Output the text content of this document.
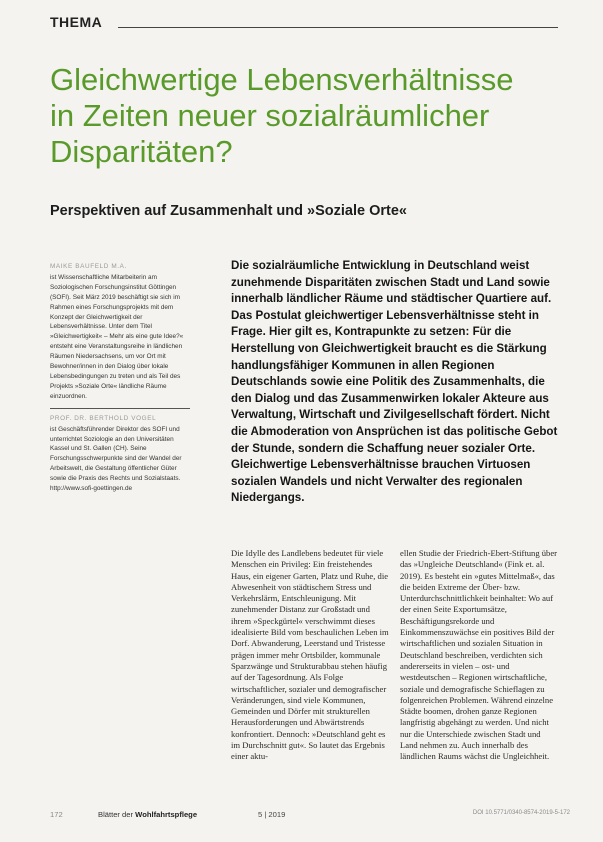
THEMA
Gleichwertige Lebensverhältnisse
in Zeiten neuer sozialräumlicher
Disparitäten?
Perspektiven auf Zusammenhalt und »Soziale Orte«
MAIKE BAUFELD M.A.

ist Wissenschaftliche Mitarbeiterin am Soziologischen Forschungsinstitut Göttingen (SOFI). Seit März 2019 beschäftigt sie sich im Rahmen eines Forschungsprojekts mit dem Konzept der Gleichwertigkeit der Lebensverhältnisse. Unter dem Titel »Gleichwertigkeit« – Mehr als eine gute Idee?« entsteht eine Veranstaltungsreihe in ländlichen Räumen Niedersachsens, um vor Ort mit Bewohner/innen in den Dialog über lokale Lebensbedingungen zu treten und als Teil des Projekts »Soziale Orte« ländliche Räume einzuordnen.

PROF. DR. BERTHOLD VOGEL

ist Geschäftsführender Direktor des SOFI und unterrichtet Soziologie an den Universitäten Kassel und St. Gallen (CH). Seine Forschungsschwerpunkte sind der Wandel der Arbeitswelt, die Gestaltung öffentlicher Güter sowie die Praxis des Rechts und Sozialstaats.

http://www.sofi-goettingen.de

Die sozialräumliche Entwicklung in Deutschland weist zunehmende Disparitäten zwischen Stadt und Land sowie innerhalb ländlicher Räume und städtischer Quartiere auf. Das Postulat gleichwertiger Lebensverhältnisse steht in Frage. Hier gilt es, Kontrapunkte zu setzen: Für die Herstellung von Gleichwertigkeit braucht es die Stärkung handlungsfähiger Kommunen in allen Regionen Deutschlands sowie eine Politik des Zusammenhalts, die den Dialog und das Zusammenwirken lokaler Akteure aus Verwaltung, Wirtschaft und Zivilgesellschaft fördert. Nicht die Abmoderation von Ansprüchen ist das politische Gebot der Stunde, sondern die Schaffung neuer sozialer Orte. Gleichwertige Lebensverhältnisse brauchen Virtuosen sozialen Wandels und nicht Verwalter des regionalen Niedergangs.

Die Idylle des Landlebens bedeutet für viele Menschen ein Privileg: Ein freistehendes Haus, ein eigener Garten, Platz und Ruhe, die Abwesenheit von städtischem Stress und Verkehrslärm, Entschleunigung. Mit zunehmender Distanz zur Großstadt und ihrem »Speckgürtel« verschwimmt dieses idealisierte Bild vom beschaulichen Leben im Dorf. Abwanderung, Leerstand und Tristesse prägen immer mehr Ortsbilder, kommunale Sparzwänge und Strukturabbau stehen häufig auf der Tagesordnung. Als Folge wirtschaftlicher, sozialer und demografischer Veränderungen, sind viele Kommunen, Gemeinden und Dörfer mit strukturellen Herausforderungen und Abwärtstrends konfrontiert. Dennoch: »Deutschland geht es im Durchschnitt gut«. So lautet das Ergebnis einer aktu-

ellen Studie der Friedrich-Ebert-Stiftung über das »Ungleiche Deutschland« (Fink et. al. 2019). Es besteht ein »gutes Mittelmaß«, das die beiden Extreme der Über- bzw. Unterdurchschnittlichkeit beinhaltet: Wo auf der einen Seite Exportumsätze, Beschäftigungsrekorde und Einkommenszuwächse ein positives Bild der wirtschaftlichen und sozialen Situation in Deutschland beschreiben, verdichten sich andererseits in vielen – ost- und westdeutschen – Regionen wirtschaftliche, soziale und demografische Schieflagen zu folgenreichen Problemen. Während einzelne Städte boomen, drohen ganze Regionen langfristig abgehängt zu werden. Und nicht nur die Unterschiede zwischen Stadt und Land nehmen zu. Auch innerhalb des ländlichen Raums wächst die Ungleichheit.

172	Blätter der Wohlfahrtspflege	5 | 2019	DOI 10.5771/0340-8574-2019-5-172
